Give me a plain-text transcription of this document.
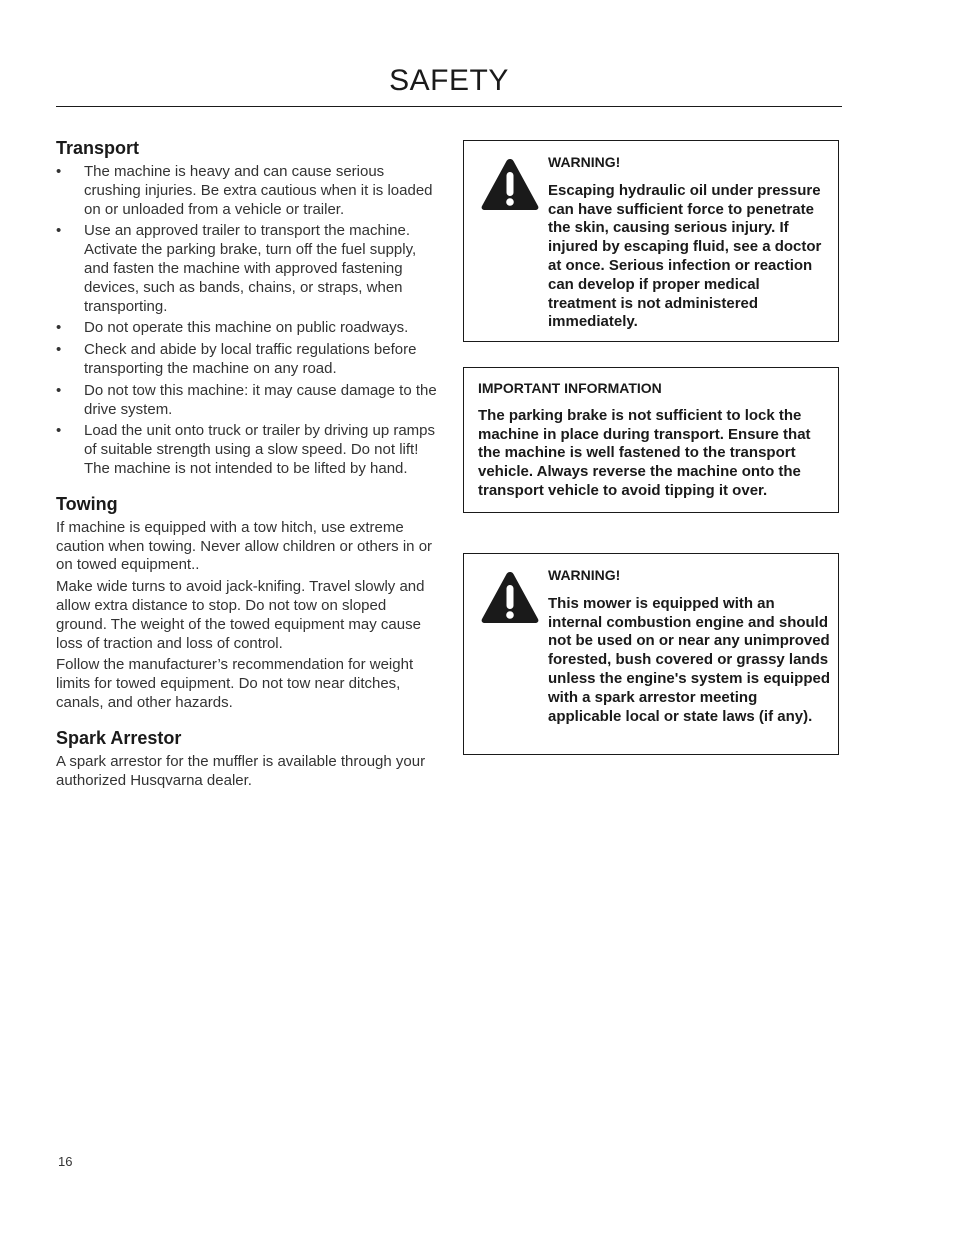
SAFETY
Transport
• The machine is heavy and can cause serious crushing injuries. Be extra cautious when it is loaded on or unloaded from a vehicle or trailer.
• Use an approved trailer to transport the machine. Activate the parking brake, turn off the fuel supply, and fasten the machine with approved fastening devices, such as bands, chains, or straps, when transporting.
• Do not operate this machine on public roadways.
• Check and abide by local traffic regulations before transporting the machine on any road.
• Do not tow this machine: it may cause damage to the drive system.
• Load the unit onto truck or trailer by driving up ramps of suitable strength using a slow speed. Do not lift! The machine is not intended to be lifted by hand.
Towing

If machine is equipped with a tow hitch, use extreme caution when towing. Never allow children or others in or on towed equipment..

Make wide turns to avoid jack-knifing. Travel slowly and allow extra distance to stop. Do not tow on sloped ground. The weight of the towed equipment may cause loss of traction and loss of control.

Follow the manufacturer’s recommendation for weight limits for towed equipment. Do not tow near ditches, canals, and other hazards.

Spark Arrestor

A spark arrestor for the muffler is available through your authorized Husqvarna dealer.

WARNING!
Escaping hydraulic oil under pressure can have sufficient force to penetrate the skin, causing serious injury. If injured by escaping fluid, see a doctor at once. Serious infection or reaction can develop if proper medical treatment is not administered immediately.
IMPORTANT INFORMATION
The parking brake is not sufficient to lock the machine in place during transport. Ensure that the machine is well fastened to the transport vehicle. Always reverse the machine onto the transport vehicle to avoid tipping it over.
WARNING!
This mower is equipped with an internal combustion engine and should not be used on or near any unimproved forested, bush covered or grassy lands unless the engine's system is equipped with a spark arrestor meeting applicable local or state laws (if any).
16
